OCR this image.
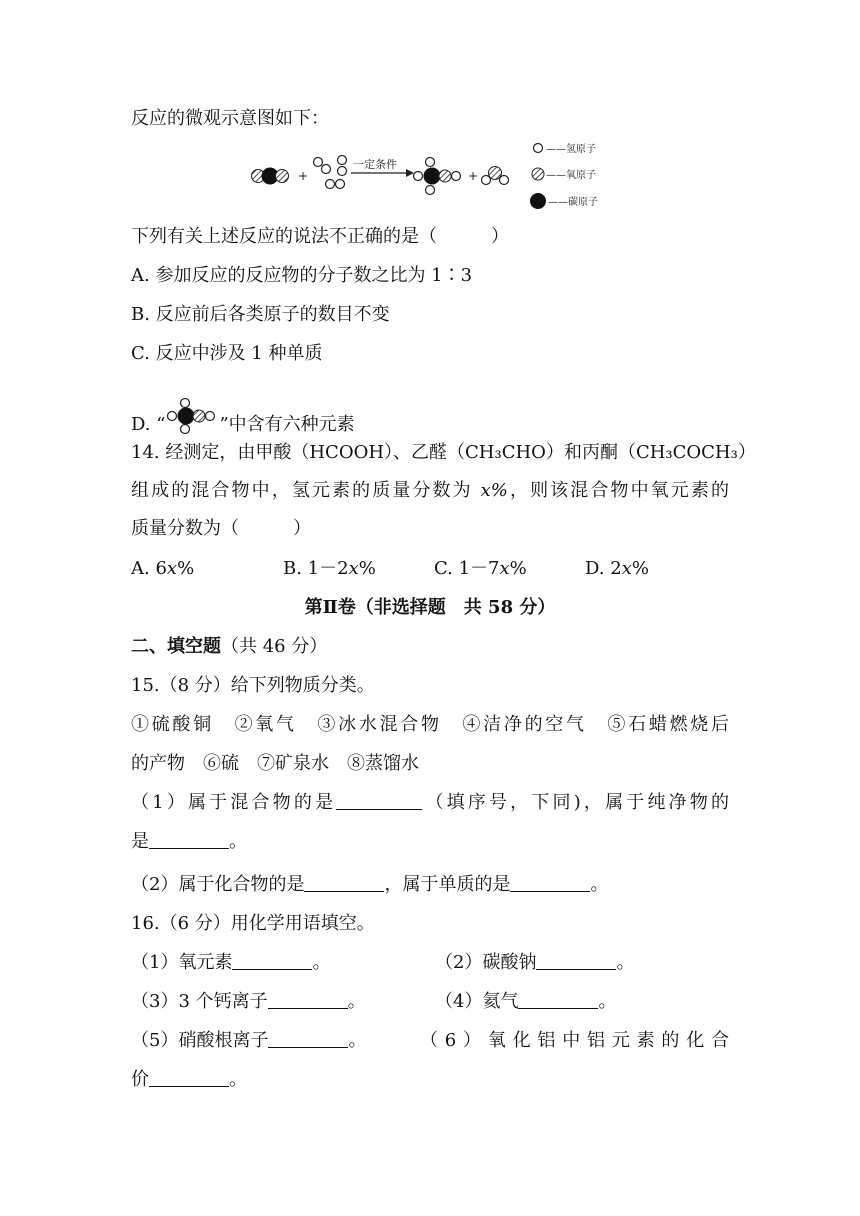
反应的微观示意图如下：
+
一定条件
+
——氢原子
——氧原子
——碳原子
下列有关上述反应的说法不正确的是（　　　）
A. 参加反应的反应物的分子数之比为 1∶3
B. 反应前后各类原子的数目不变
C. 反应中涉及 1 种单质
D. “	”中含有六种元素
14. 经测定，由甲酸（HCOOH）、乙醛（CH₃CHO）和丙酮（CH₃COCH₃）
组成的混合物中，氢元素的质量分数为 x%，则该混合物中氧元素的
质量分数为（　　　）
A. 6x%	B. 1－2x%	C. 1－7x%	D. 2x%
第Ⅱ卷（非选择题　共 58 分）
二、填空题（共 46 分）
15.（8 分）给下列物质分类。
①硫酸铜　②氧气　③冰水混合物　④洁净的空气　⑤石蜡燃烧后
的产物　⑥硫　⑦矿泉水　⑧蒸馏水
（1）属于混合物的是	（填序号，下同)，属于纯净物的
是	。
（2）属于化合物的是	，属于单质的是	。
16.（6 分）用化学用语填空。
（1）氧元素	。	（2）碳酸钠	。
（3）3 个钙离子	。	（4）氦气	。
（5）硝酸根离子	。	（6）氧化铝中铝元素的化合
价	。
